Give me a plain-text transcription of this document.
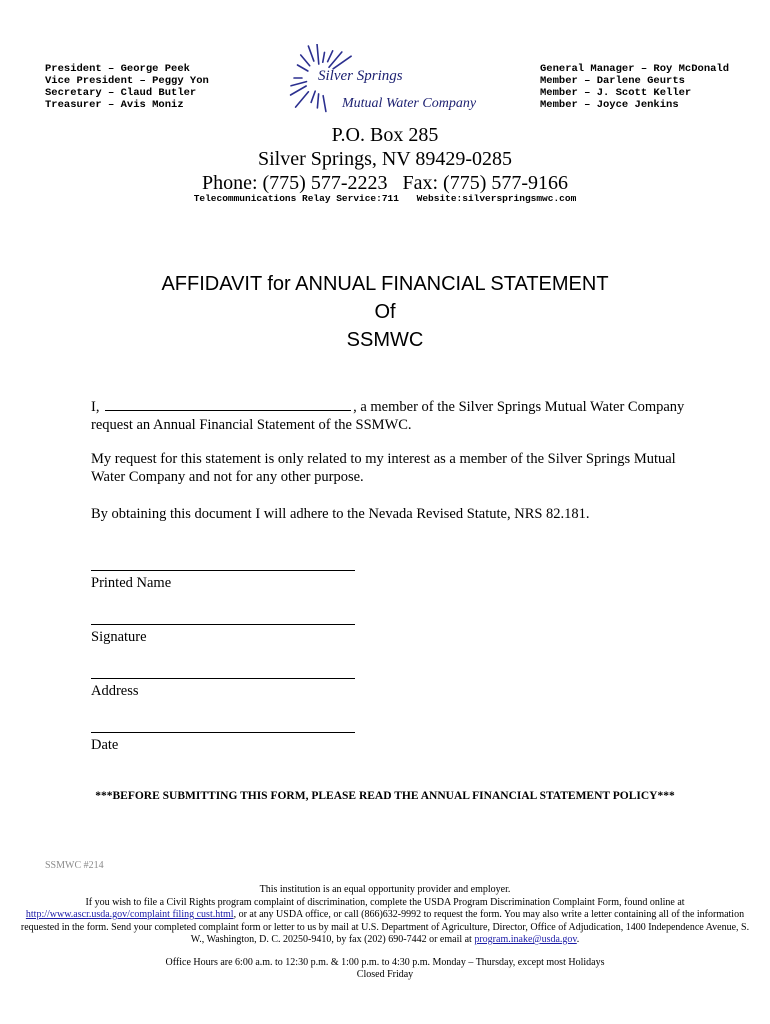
President – George Peek
Vice President – Peggy Yon
Secretary – Claud Butler
Treasurer – Avis Moniz
Silver Springs
Mutual Water Company
General Manager – Roy McDonald
Member – Darlene Geurts
Member – J. Scott Keller
Member – Joyce Jenkins
P.O. Box 285
Silver Springs, NV 89429-0285
Phone: (775) 577-2223   Fax: (775) 577-9166
Telecommunications Relay Service:711 Website:silverspringsmwc.com
AFFIDAVIT for ANNUAL FINANCIAL STATEMENT
Of
SSMWC
I,	, a member of the Silver Springs Mutual Water Company request an Annual Financial Statement of the SSMWC.
My request for this statement is only related to my interest as a member of the Silver Springs Mutual Water Company and not for any other purpose.
By obtaining this document I will adhere to the Nevada Revised Statute, NRS 82.181.
Printed Name
Signature
Address
Date
***BEFORE SUBMITTING THIS FORM, PLEASE READ THE ANNUAL FINANCIAL STATEMENT POLICY***
SSMWC #214
This institution is an equal opportunity provider and employer.
If you wish to file a Civil Rights program complaint of discrimination, complete the USDA Program Discrimination Complaint Form, found online at http://www.ascr.usda.gov/complaint filing cust.html, or at any USDA office, or call (866)632-9992 to request the form. You may also write a letter containing all of the information requested in the form. Send your completed complaint form or letter to us by mail at U.S. Department of Agriculture, Director, Office of Adjudication, 1400 Independence Avenue, S. W., Washington, D. C. 20250-9410, by fax (202) 690-7442 or email at program.inake@usda.gov.
Office Hours are 6:00 a.m. to 12:30 p.m. & 1:00 p.m. to 4:30 p.m. Monday – Thursday, except most Holidays
Closed Friday
